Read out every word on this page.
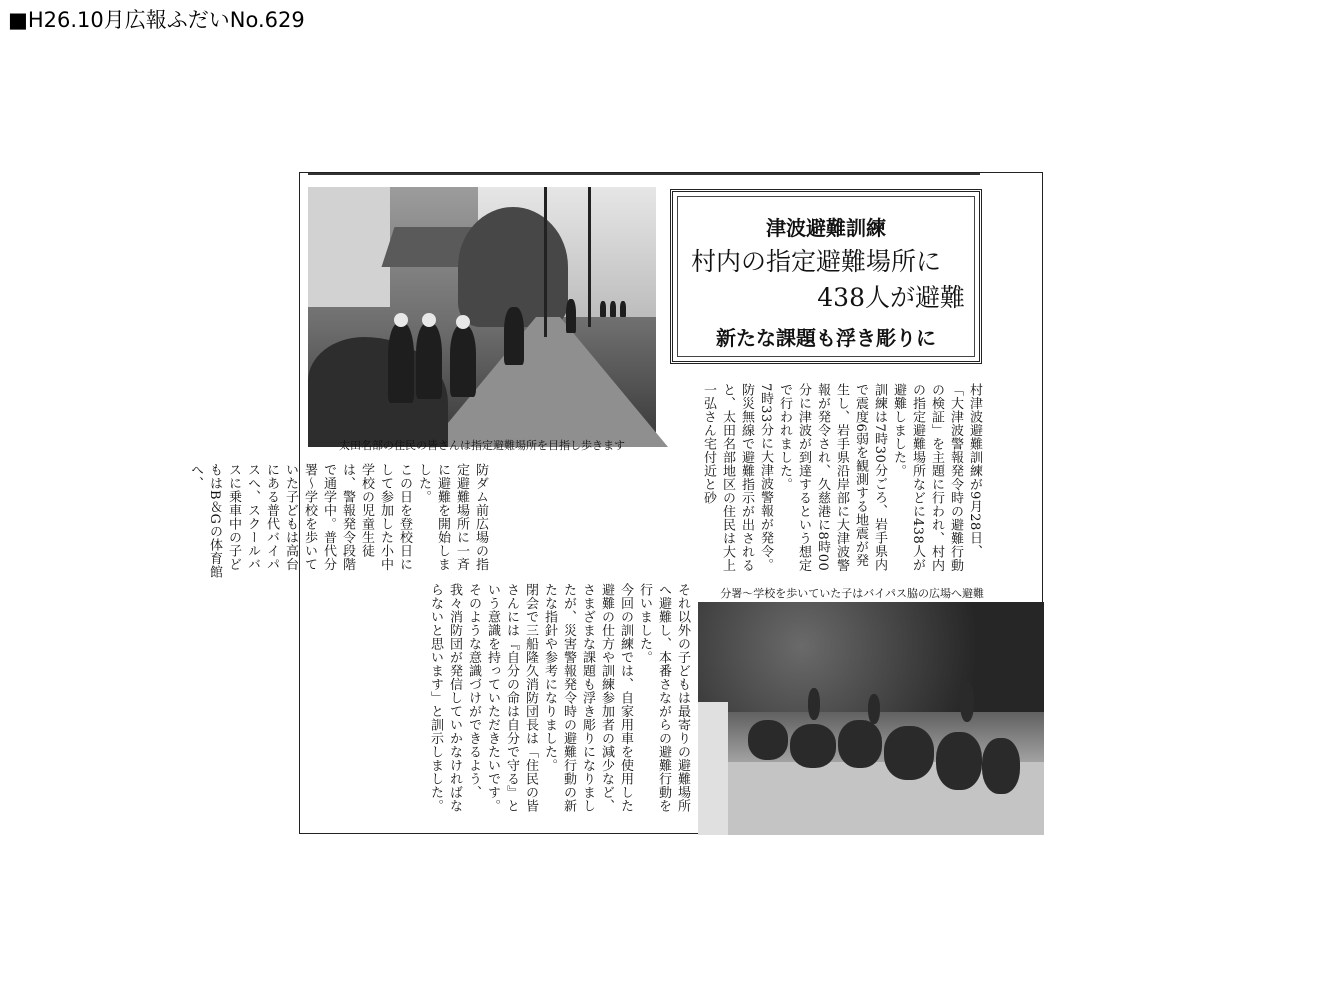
■H26.10月広報ふだいNo.629
太田名部の住民の皆さんは指定避難場所を目指し歩きます
津波避難訓練
村内の指定避難場所に
438人が避難
新たな課題も浮き彫りに

村津波避難訓練が9月28日、「大津波警報発令時の避難行動の検証」を主題に行われ、村内の指定避難場所などに438人が避難しました。

訓練は7時30分ごろ、岩手県内で震度6弱を観測する地震が発生し、岩手県沿岸部に大津波警報が発令され、久慈港に8時00分に津波が到達するという想定で行われました。

7時33分に大津波警報が発令。防災無線で避難指示が出されると、太田名部地区の住民は大上一弘さん宅付近と砂

防ダム前広場の指定避難場所に一斉に避難を開始しました。

この日を登校日にして参加した小中学校の児童生徒は、警報発令段階で通学中。普代分署～学校を歩いていた子どもは高台にある普代バイパスへ、スクールバスに乗車中の子どもはB＆Gの体育館へ、

それ以外の子どもは最寄りの避難場所へ避難し、本番さながらの避難行動を行いました。

今回の訓練では、自家用車を使用した避難の仕方や訓練参加者の減少など、さまざまな課題も浮き彫りになりましたが、災害警報発令時の避難行動の新たな指針や参考になりました。

閉会で三船隆久消防団長は「住民の皆さんには『自分の命は自分で守る』という意識を持っていただきたいです。そのような意識づけができるよう、我々消防団が発信していかなければならないと思います」と訓示しました。	分署～学校を歩いていた子はバイパス脇の広場へ避難
